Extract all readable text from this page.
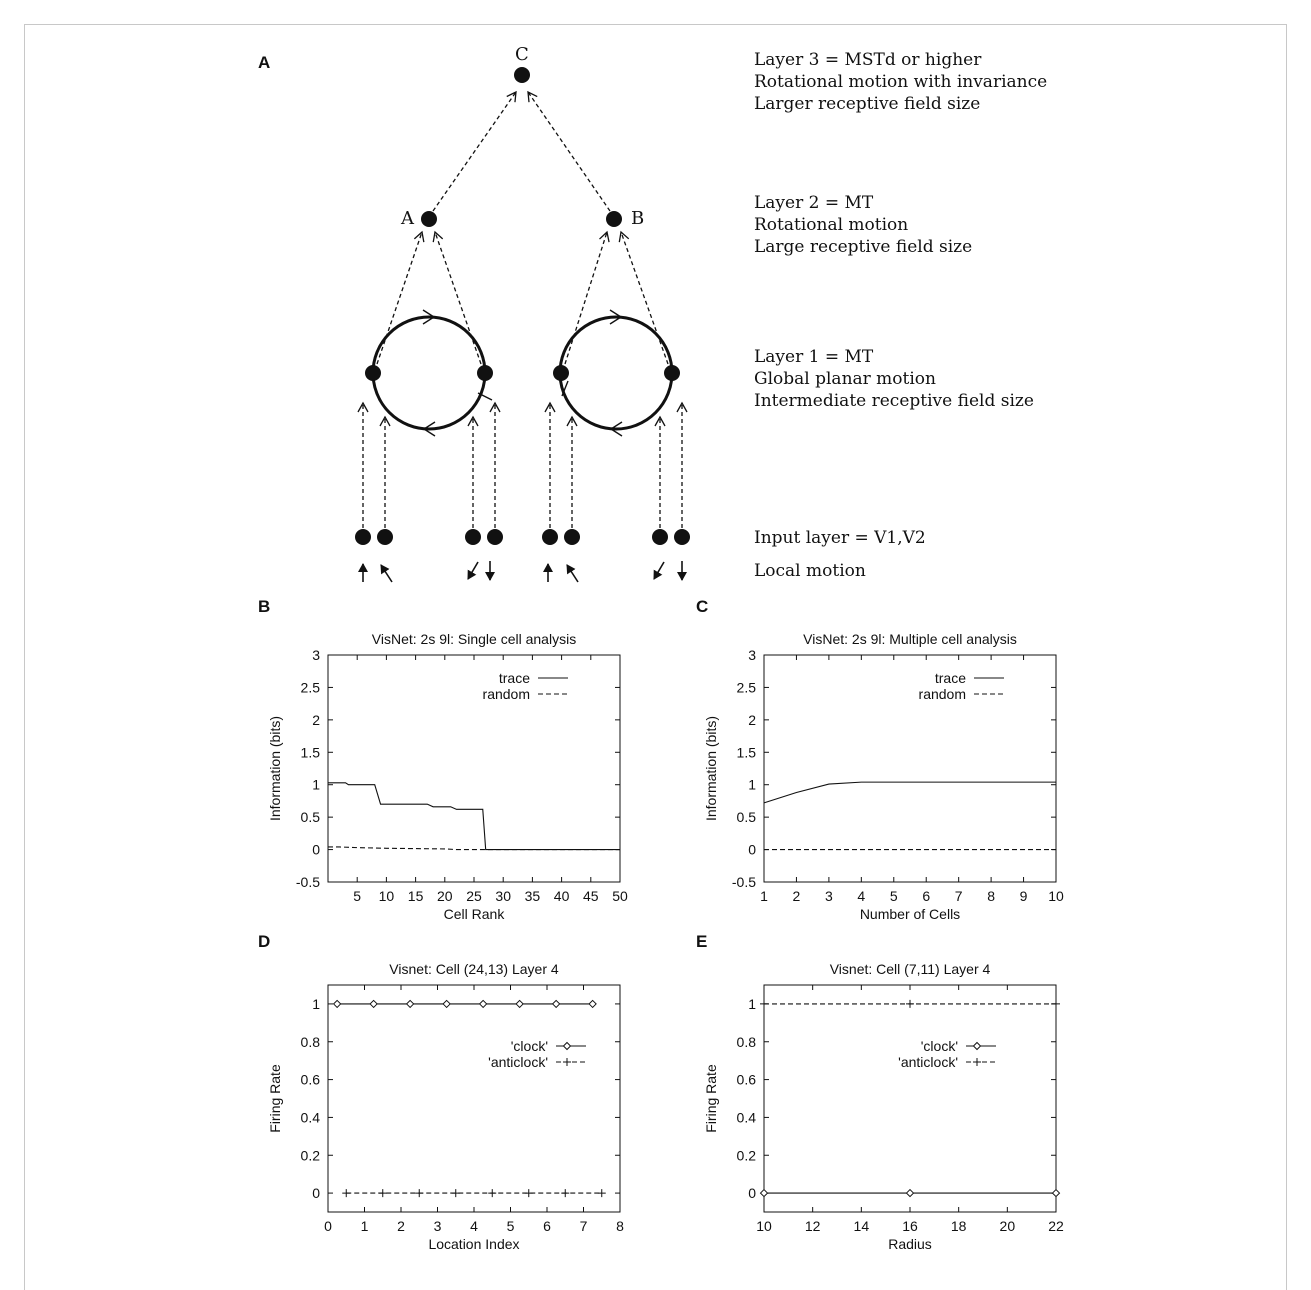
A
B	C
D	E
C
A	B
Layer 3 = MSTd or higher
Rotational motion with invariance
Larger receptive field size
Layer 2 = MT
Rotational motion
Large receptive field size
Layer 1 = MT
Global planar motion
Intermediate receptive field size
Input layer = V1,V2
Local motion
VisNet: 2s 9l: Single cell analysis
5 10 15 20 25 30 35 40 45 50
-0.5
0
0.5
1
1.5
2
2.5
3
Cell Rank
Information (bits)
trace
random
VisNet: 2s 9l: Multiple cell analysis
1 2 3 4 5 6 7 8 9 10
-0.5
0
0.5
1
1.5
2
2.5
3
Number of Cells
Information (bits)
trace
random
Visnet: Cell (24,13) Layer 4
0 1 2 3 4 5 6 7 8
0
0.2
0.4
0.6
0.8
1
Location Index
Firing Rate
'clock'
'anticlock'
Visnet: Cell (7,11) Layer 4
10 12 14 16 18 20 22
0
0.2
0.4
0.6
0.8
1
Radius
Firing Rate
'clock'
'anticlock'
